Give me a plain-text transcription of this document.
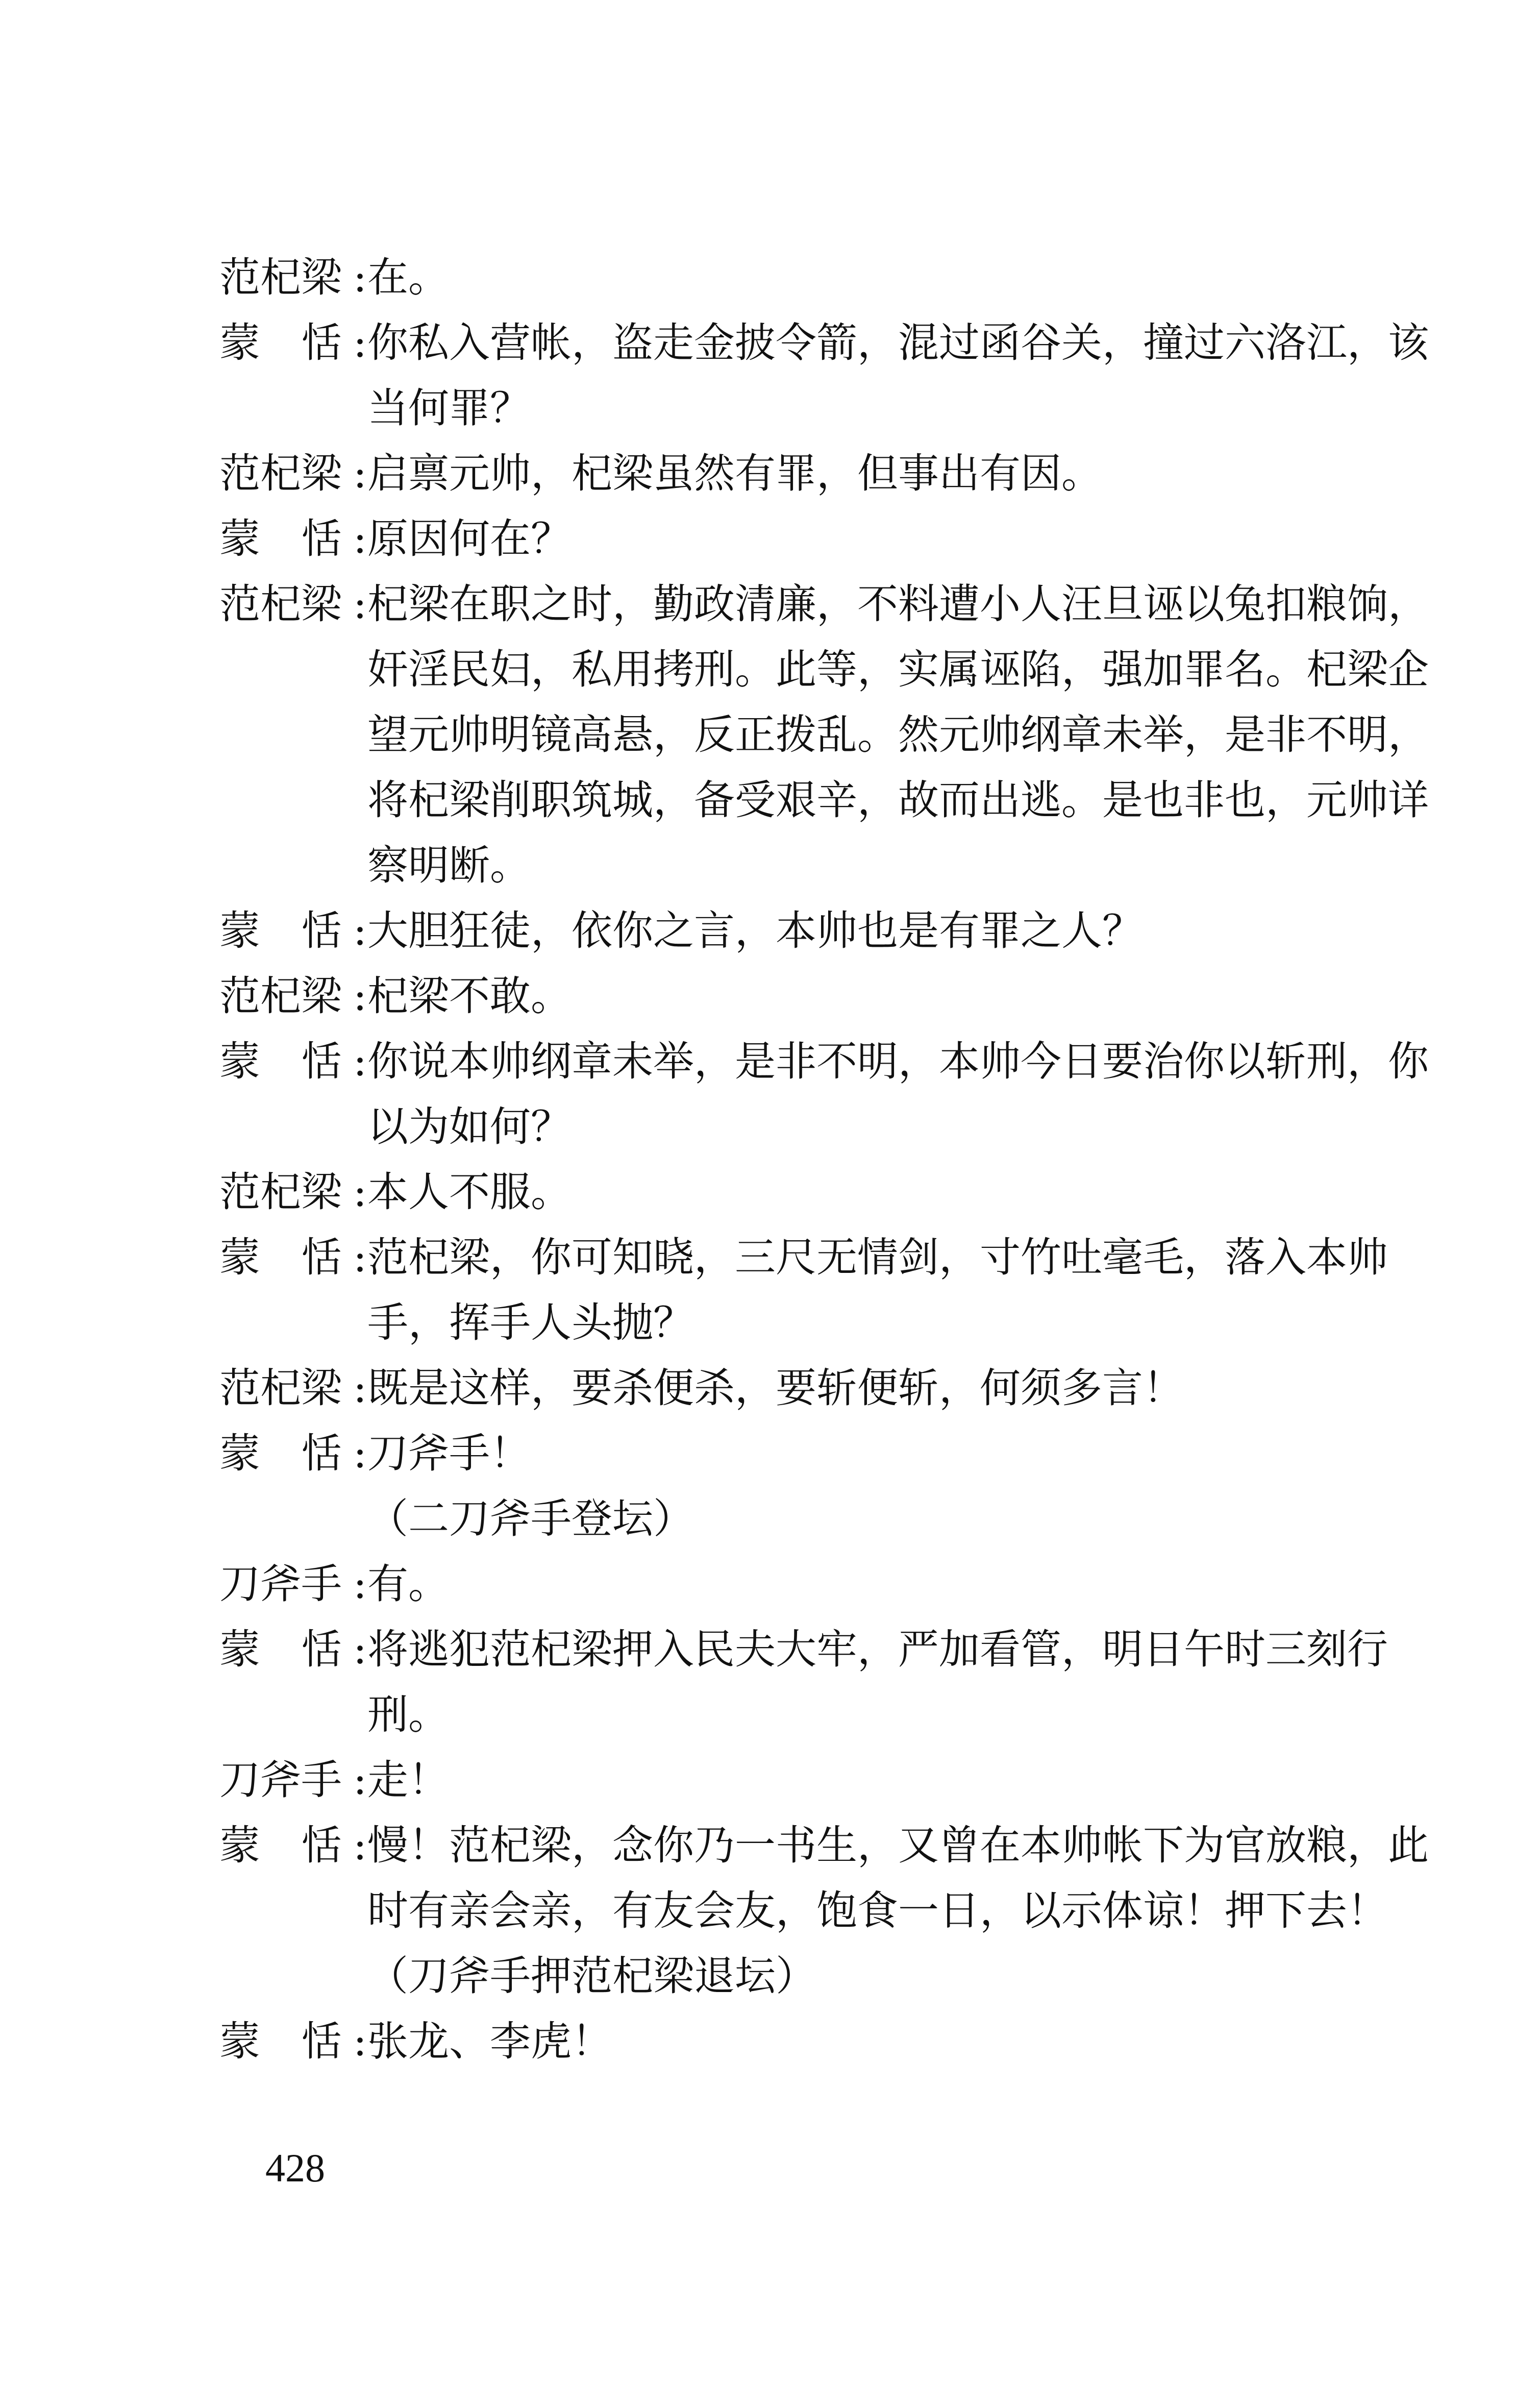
范杞梁 : 在。
蒙　恬 : 你私入营帐，盗走金披令箭，混过函谷关，撞过六洛江，该当何罪？
范杞梁 : 启禀元帅，杞梁虽然有罪，但事出有因。
蒙　恬 : 原因何在？
范杞梁 : 杞梁在职之时，勤政清廉，不料遭小人汪旦诬以兔扣粮饷，奸淫民妇，私用拷刑。此等，实属诬陷，强加罪名。杞梁企望元帅明镜高悬，反正拨乱。然元帅纲章未举，是非不明，将杞梁削职筑城，备受艰辛，故而出逃。是也非也，元帅详察明断。
蒙　恬 : 大胆狂徒，依你之言，本帅也是有罪之人？
范杞梁 : 杞梁不敢。
蒙　恬 : 你说本帅纲章未举，是非不明，本帅今日要治你以斩刑，你以为如何？
范杞梁 : 本人不服。
蒙　恬 : 范杞梁，你可知晓，三尺无情剑，寸竹吐毫毛，落入本帅手，挥手人头抛？
范杞梁 : 既是这样，要杀便杀，要斩便斩，何须多言！
蒙　恬 : 刀斧手！
（二刀斧手登坛）
刀斧手 : 有。
蒙　恬 : 将逃犯范杞梁押入民夫大牢，严加看管，明日午时三刻行刑。
刀斧手 : 走！
蒙　恬 : 慢！范杞梁，念你乃一书生，又曾在本帅帐下为官放粮，此时有亲会亲，有友会友，饱食一日，以示体谅！押下去！
（刀斧手押范杞梁退坛）
蒙　恬 : 张龙、李虎！
428
